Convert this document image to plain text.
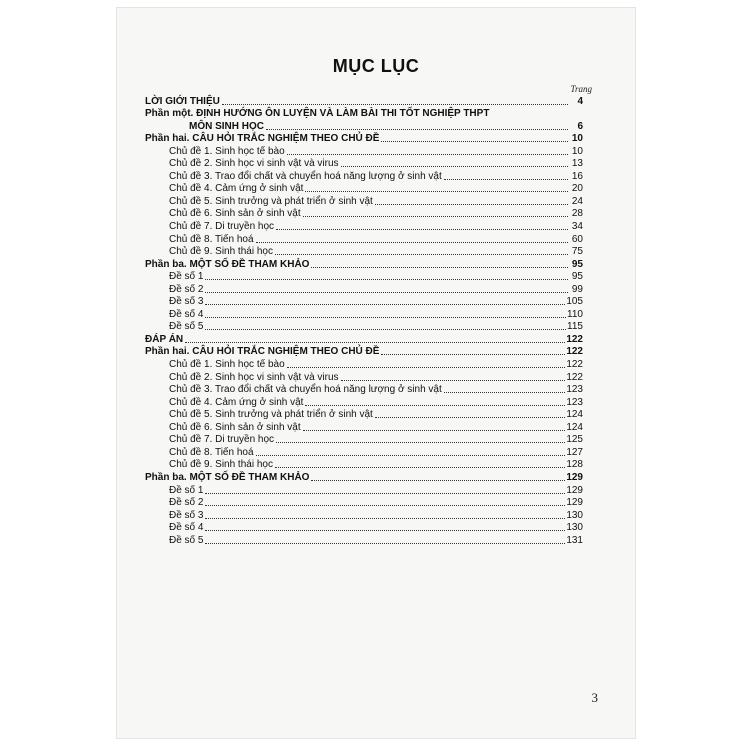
MỤC LỤC
Trang
LỜI GIỚI THIỆU	4
Phần một. ĐỊNH HƯỚNG ÔN LUYỆN VÀ LÀM BÀI THI TỐT NGHIỆP THPT
MÔN SINH HỌC	6
Phần hai. CÂU HỎI TRẮC NGHIỆM THEO CHỦ ĐỀ	10
Chủ đề 1. Sinh học tế bào	10
Chủ đề 2. Sinh học vi sinh vật và virus	13
Chủ đề 3. Trao đổi chất và chuyển hoá năng lượng ở sinh vật	16
Chủ đề 4. Cảm ứng ở sinh vật	20
Chủ đề 5. Sinh trưởng và phát triển ở sinh vật	24
Chủ đề 6. Sinh sản ở sinh vật	28
Chủ đề 7. Di truyền học	34
Chủ đề 8. Tiến hoá	60
Chủ đề 9. Sinh thái học	75
Phần ba. MỘT SỐ ĐỀ THAM KHẢO	95
Đề số 1	95
Đề số 2	99
Đề số 3	105
Đề số 4	110
Đề số 5	115
ĐÁP ÁN	122
Phần hai. CÂU HỎI TRẮC NGHIỆM THEO CHỦ ĐỀ	122
Chủ đề 1. Sinh học tế bào	122
Chủ đề 2. Sinh học vi sinh vật và virus	122
Chủ đề 3. Trao đổi chất và chuyển hoá năng lượng ở sinh vật	123
Chủ đề 4. Cảm ứng ở sinh vật	123
Chủ đề 5. Sinh trưởng và phát triển ở sinh vật	124
Chủ đề 6. Sinh sản ở sinh vật	124
Chủ đề 7. Di truyền học	125
Chủ đề 8. Tiến hoá	127
Chủ đề 9. Sinh thái học	128
Phần ba. MỘT SỐ ĐỀ THAM KHẢO	129
Đề số 1	129
Đề số 2	129
Đề số 3	130
Đề số 4	130
Đề số 5	131
3
